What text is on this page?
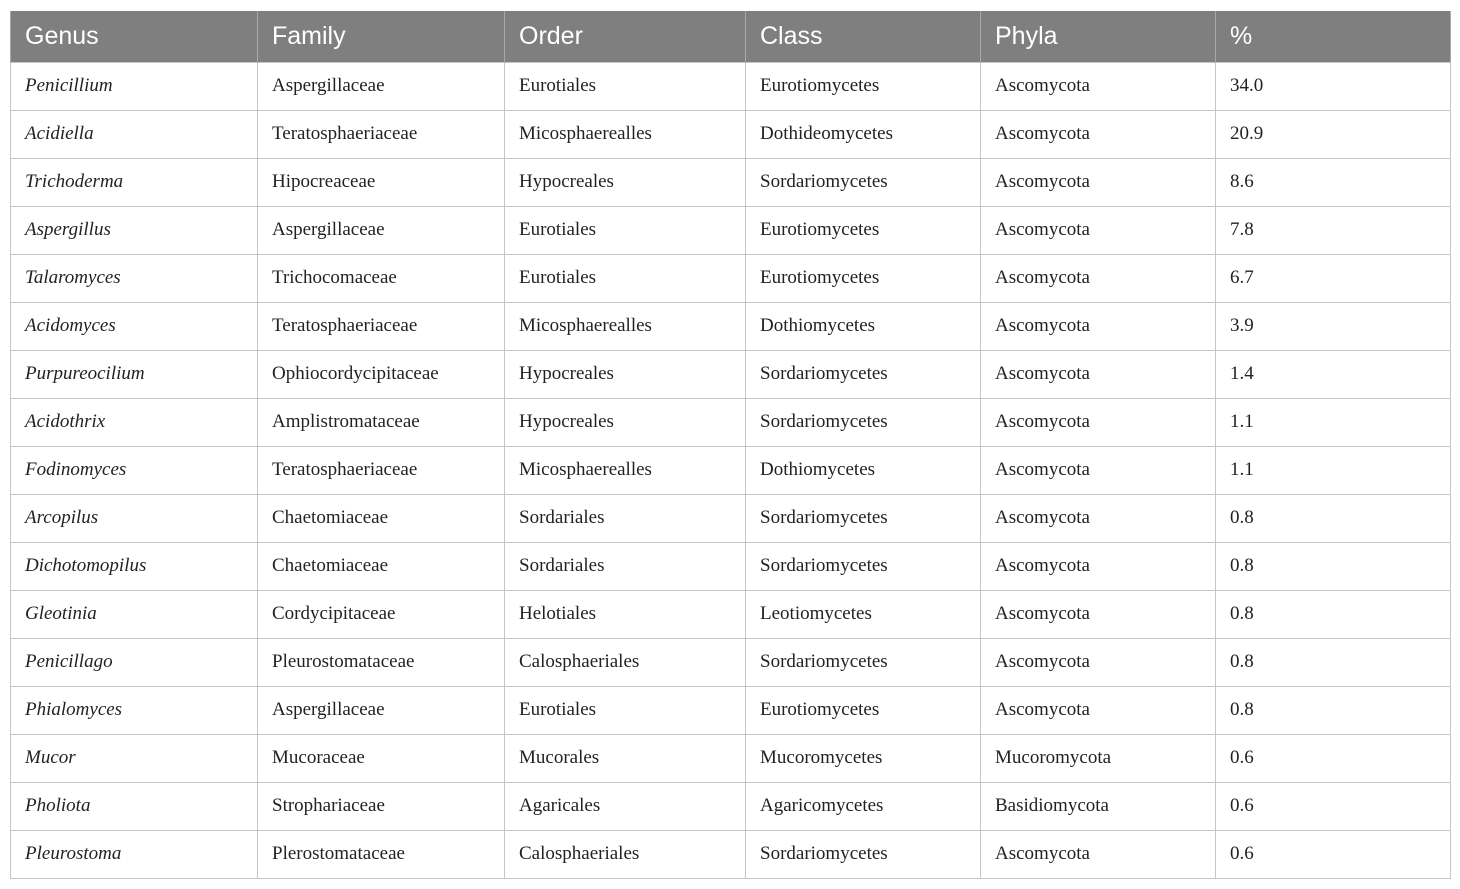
Genus	Family	Order	Class	Phyla	%
Penicillium	Aspergillaceae	Eurotiales	Eurotiomycetes	Ascomycota	34.0
Acidiella	Teratosphaeriaceae	Micosphaerealles	Dothideomycetes	Ascomycota	20.9
Trichoderma	Hipocreaceae	Hypocreales	Sordariomycetes	Ascomycota	8.6
Aspergillus	Aspergillaceae	Eurotiales	Eurotiomycetes	Ascomycota	7.8
Talaromyces	Trichocomaceae	Eurotiales	Eurotiomycetes	Ascomycota	6.7
Acidomyces	Teratosphaeriaceae	Micosphaerealles	Dothiomycetes	Ascomycota	3.9
Purpureocilium	Ophiocordycipitaceae	Hypocreales	Sordariomycetes	Ascomycota	1.4
Acidothrix	Amplistromataceae	Hypocreales	Sordariomycetes	Ascomycota	1.1
Fodinomyces	Teratosphaeriaceae	Micosphaerealles	Dothiomycetes	Ascomycota	1.1
Arcopilus	Chaetomiaceae	Sordariales	Sordariomycetes	Ascomycota	0.8
Dichotomopilus	Chaetomiaceae	Sordariales	Sordariomycetes	Ascomycota	0.8
Gleotinia	Cordycipitaceae	Helotiales	Leotiomycetes	Ascomycota	0.8
Penicillago	Pleurostomataceae	Calosphaeriales	Sordariomycetes	Ascomycota	0.8
Phialomyces	Aspergillaceae	Eurotiales	Eurotiomycetes	Ascomycota	0.8
Mucor	Mucoraceae	Mucorales	Mucoromycetes	Mucoromycota	0.6
Pholiota	Strophariaceae	Agaricales	Agaricomycetes	Basidiomycota	0.6
Pleurostoma	Plerostomataceae	Calosphaeriales	Sordariomycetes	Ascomycota	0.6
